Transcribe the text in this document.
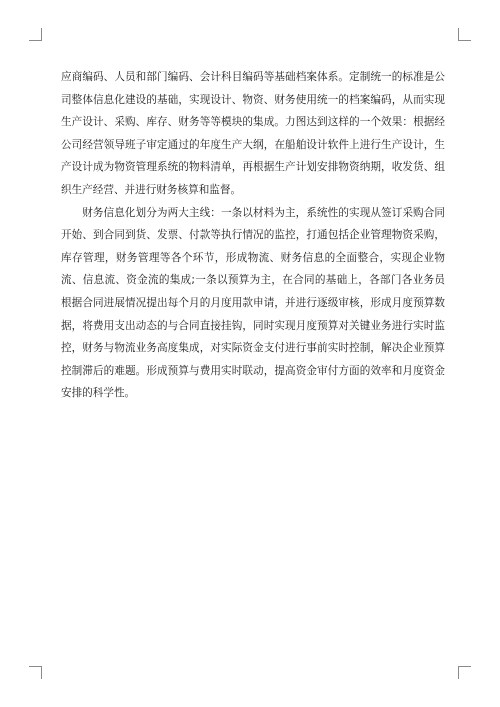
应商编码、人员和部门编码、会计科目编码等基础档案体系。定制统一的标准是公司整体信息化建设的基础，实现设计、物资、财务使用统一的档案编码，从而实现生产设计、采购、库存、财务等等模块的集成。力图达到这样的一个效果：根据经公司经营领导班子审定通过的年度生产大纲，在船舶设计软件上进行生产设计，生产设计成为物资管理系统的物料清单，再根据生产计划安排物资纳期，收发货、组织生产经营、并进行财务核算和监督。

财务信息化划分为两大主线：一条以材料为主，系统性的实现从签订采购合同开始、到合同到货、发票、付款等执行情况的监控，打通包括企业管理物资采购，库存管理，财务管理等各个环节，形成物流、财务信息的全面整合，实现企业物流、信息流、资金流的集成;一条以预算为主，在合同的基础上，各部门各业务员根据合同进展情况提出每个月的月度用款申请，并进行逐级审核，形成月度预算数据，将费用支出动态的与合同直接挂钩，同时实现月度预算对关键业务进行实时监控，财务与物流业务高度集成，对实际资金支付进行事前实时控制，解决企业预算控制滞后的难题。形成预算与费用实时联动，提高资金审付方面的效率和月度资金安排的科学性。
